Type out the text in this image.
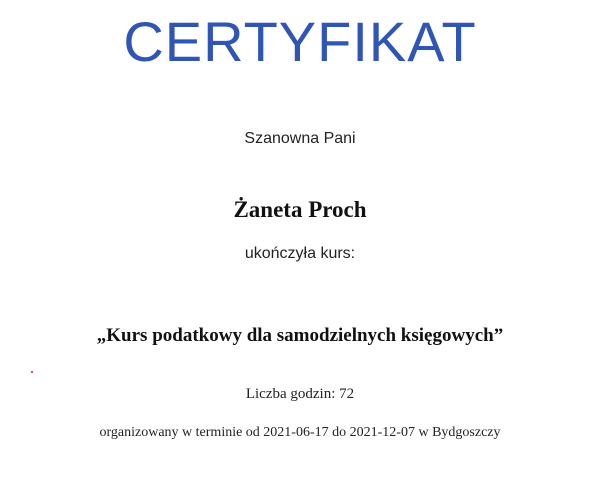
CERTYFIKAT
Szanowna Pani
Żaneta Proch
ukończyła kurs:
„Kurs podatkowy dla samodzielnych księgowych”
Liczba godzin: 72
organizowany w terminie od 2021-06-17 do 2021-12-07 w Bydgoszczy
